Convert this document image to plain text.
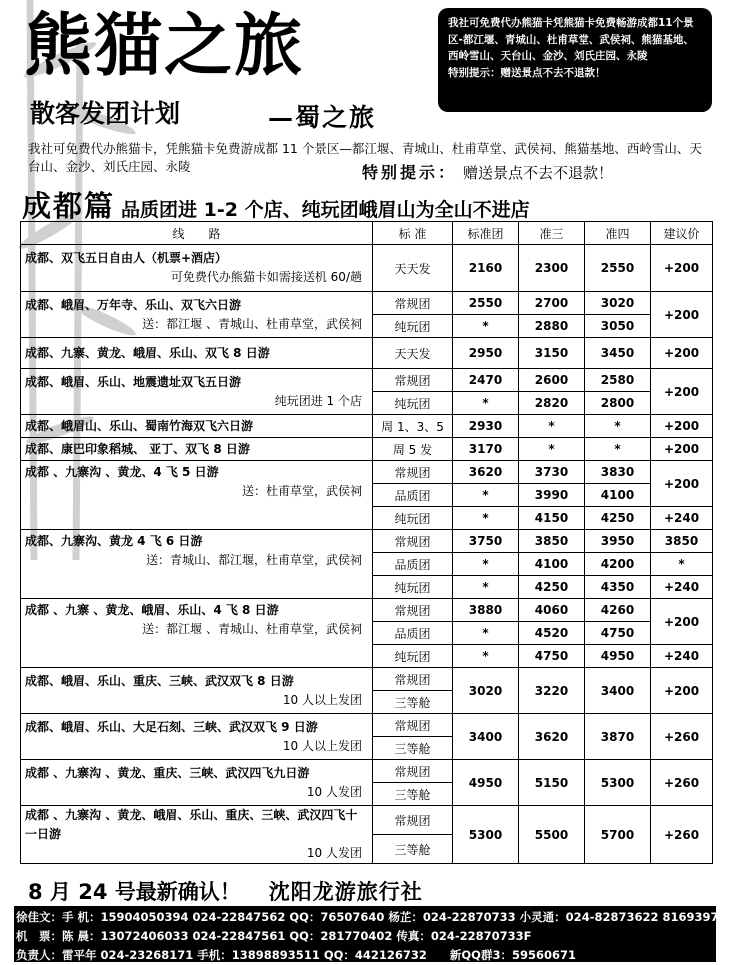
熊猫之旅
散客发团计划	—蜀之旅
我社可免费代办熊猫卡凭熊猫卡免费畅游成都11个景区-都江堰、青城山、杜甫草堂、武侯祠、熊猫基地、西岭雪山、天台山、金沙、刘氏庄园、永陵
特别提示：赠送景点不去不退款！
我社可免费代办熊猫卡，凭熊猫卡免费游成都 11 个景区—都江堰、青城山、杜甫草堂、武侯祠、熊猫基地、西岭雪山、天台山、金沙、刘氏庄园、永陵	特别提示： 赠送景点不去不退款！
成都篇 品质团进 1-2 个店、纯玩团峨眉山为全山不进店
线　　路	标 准	标准团	准三	准四	建议价

成都、双飞五日自由人（机票+酒店）
可免费代办熊猫卡如需接送机 60/趟	天天发	2160	2300	2550	+200

成都、峨眉、万年寺、乐山、双飞六日游
送：都江堰 、青城山、杜甫草堂，武侯祠	常规团	2550	2700	3020	+200
	纯玩团	*	2880	3050	

成都、九寨、黄龙、峨眉、乐山、双飞 8 日游	天天发	2950	3150	3450	+200

成都、峨眉、乐山、地震遗址双飞五日游
纯玩团进 1 个店	常规团	2470	2600	2580	+200
	纯玩团	*	2820	2800	

成都、峨眉山、乐山、蜀南竹海双飞六日游	周 1、3、5	2930	*	*	+200

成都、康巴印象稻城、 亚丁、双飞 8 日游	周 5 发	3170	*	*	+200

成都 、九寨沟 、黄龙、4 飞 5 日游
送：杜甫草堂，武侯祠	常规团	3620	3730	3830	+200
	品质团	*	3990	4100	
	纯玩团	*	4150	4250	+240

成都、九寨沟、黄龙 4 飞 6 日游
送：青城山、都江堰，杜甫草堂，武侯祠	常规团	3750	3850	3950	3850
	品质团	*	4100	4200	*
	纯玩团	*	4250	4350	+240

成都 、九寨 、黄龙、峨眉、乐山、4 飞 8 日游
送：都江堰 、青城山、杜甫草堂，武侯祠	常规团	3880	4060	4260	+200
	品质团	*	4520	4750	
	纯玩团	*	4750	4950	+240

成都、峨眉、乐山、重庆、三峡、武汉双飞 8 日游
10 人以上发团	常规团	3020	3220	3400	+200
	三等舱				

成都、峨眉、乐山、大足石刻、三峡、武汉双飞 9 日游
10 人以上发团	常规团	3400	3620	3870	+260
	三等舱				

成都 、九寨沟 、黄龙、重庆、三峡、武汉四飞九日游
10 人发团	常规团	4950	5150	5300	+260
	三等舱				

成都 、九寨沟 、黄龙、峨眉、乐山、重庆、三峡、武汉四飞十一日游
10 人发团	常规团	5300	5500	5700	+260
	三等舱				
8 月 24 号最新确认！ 沈阳龙游旅行社
徐佳文：手 机：15904050394 024-22847562 QQ：76507640 杨芷：024-22870733 小灵通：024-82873622 81693976
机　票：陈 晨：13072406033 024-22847561 QQ：281770402 传真：024-22870733F
负责人：雷平年 024-23268171 手机：13898893511 QQ：442126732　　新QQ群3：59560671
